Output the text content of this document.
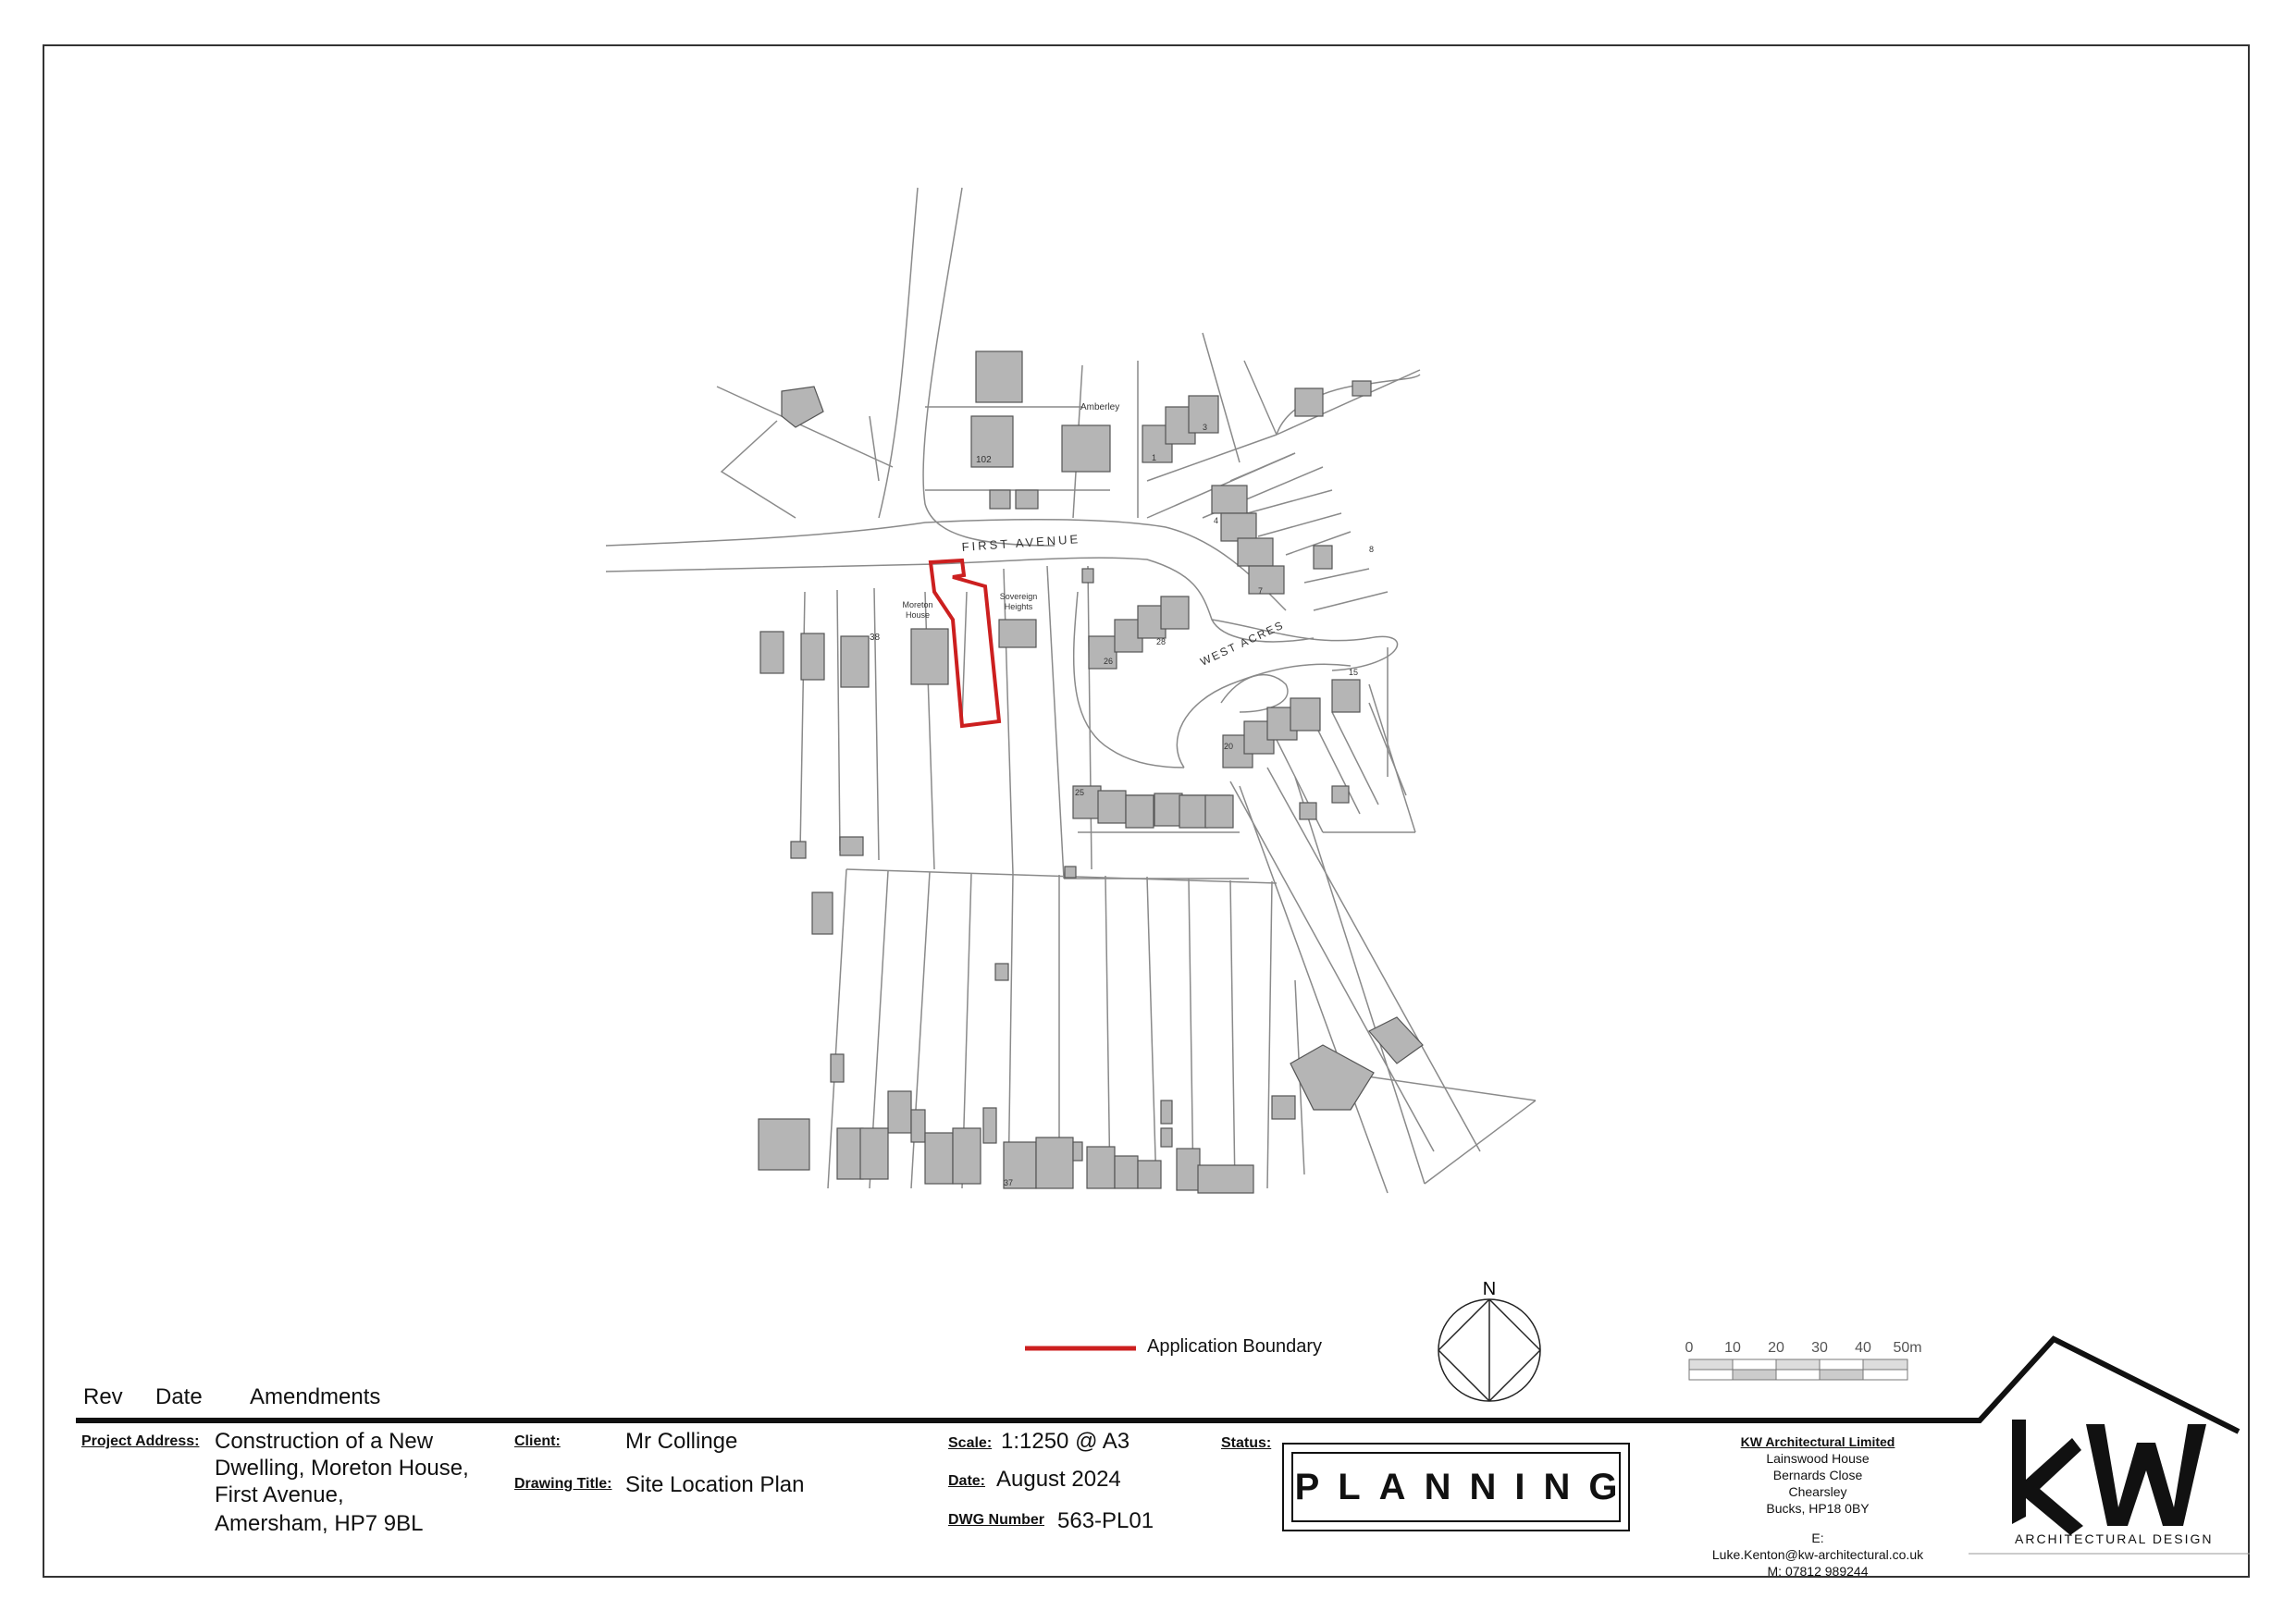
FIRST AVENUE
WEST ACRES
Amberley
Moreton
House
Sovereign
Heights
102	1
3
4
7
8
38
26
28
15
20
25
37
N
0 10 20 30 40 50m
Application Boundary
Rev Date Amendments
Project Address: Construction of a New
Dwelling, Moreton House,
First Avenue,
Amersham, HP7 9BL
Client:	Mr Collinge
Drawing Title: Site Location Plan
Scale: 1:1250 @ A3
Date: August 2024
DWG Number 563-PL01
Status:
PLANNING
KW Architectural Limited
Lainswood House
Bernards Close
Chearsley
Bucks, HP18 0BY
E:
Luke.Kenton@kw-architectural.co.uk
M: 07812 989244
ARCHITECTURAL DESIGN
